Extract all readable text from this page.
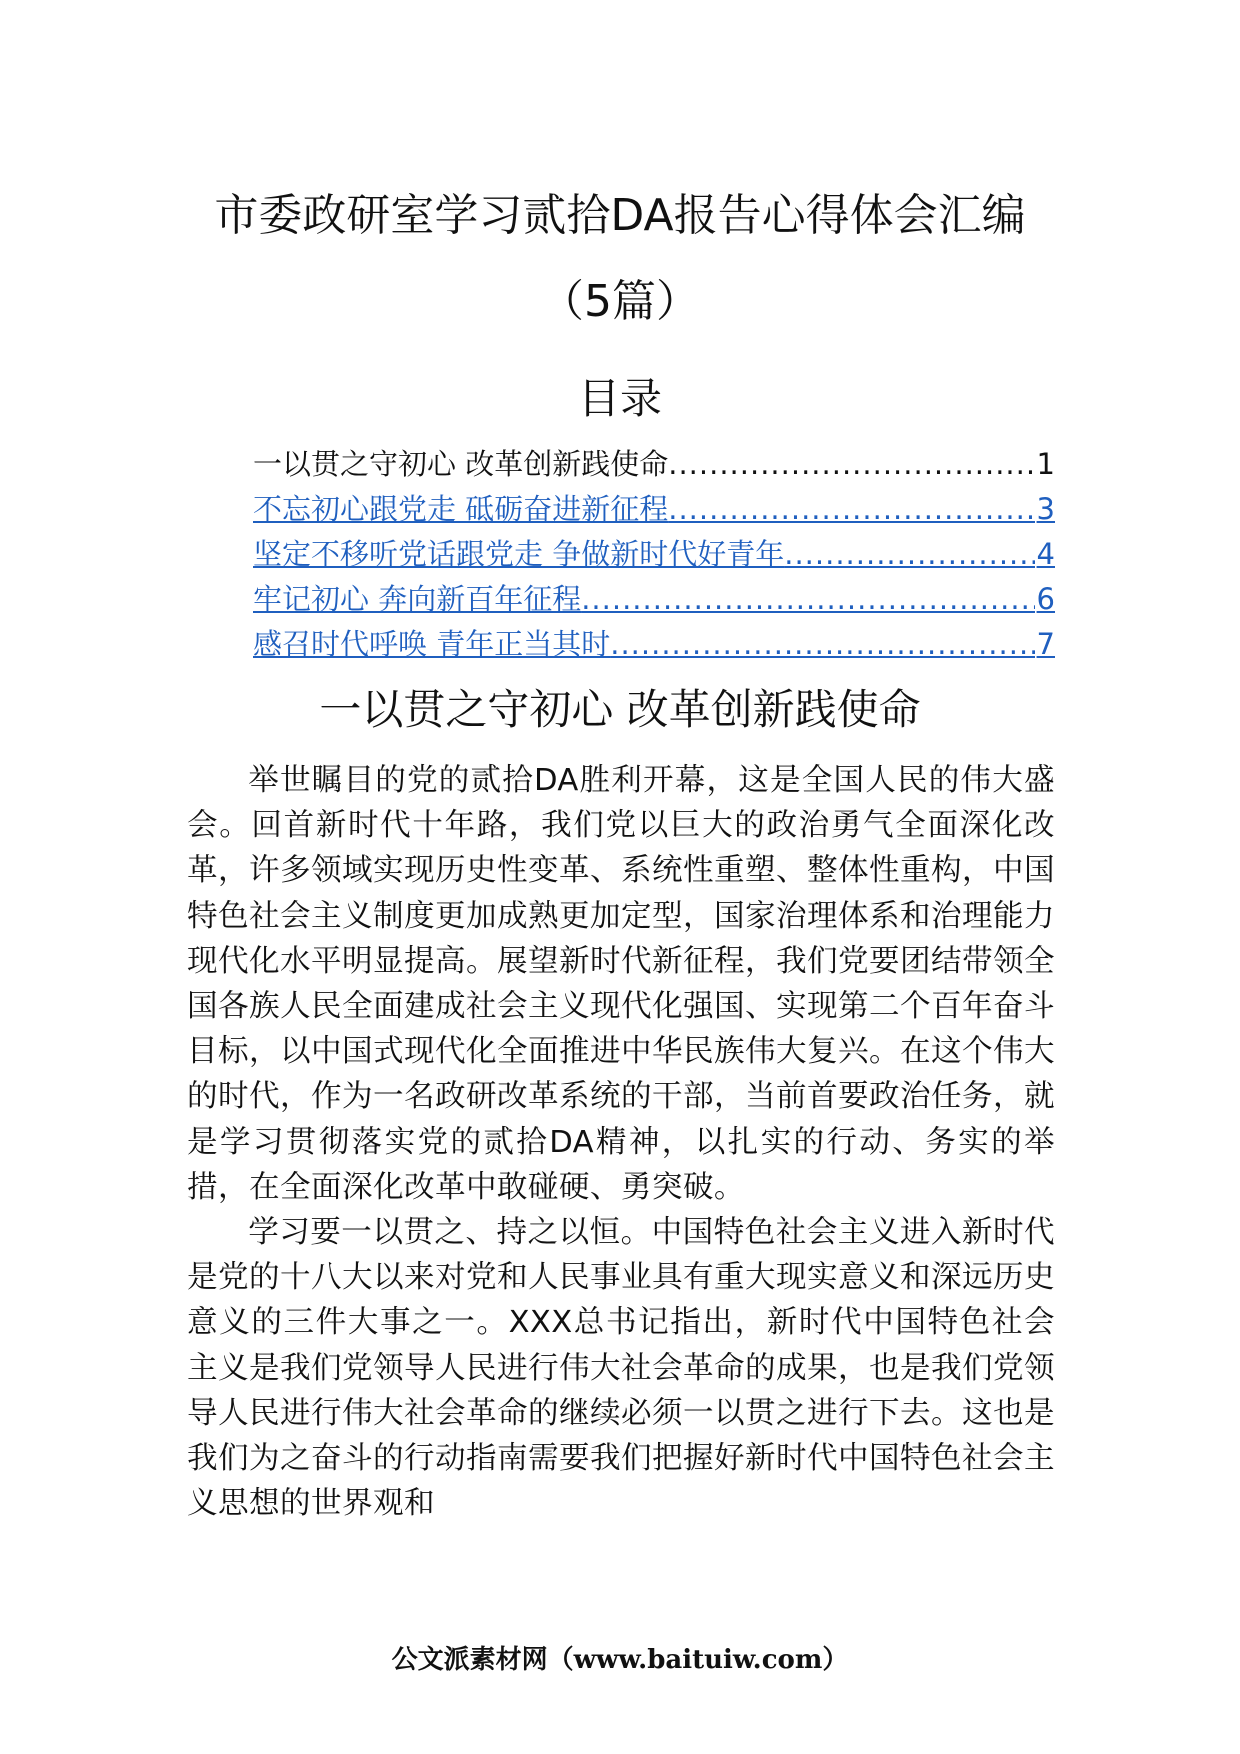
市委政研室学习贰拾DA报告心得体会汇编
（5篇）
目录
一以贯之守初心 改革创新践使命 .....	1
不忘初心跟党走 砥砺奋进新征程 .....	3
坚定不移听党话跟党走 争做新时代好青年 .....	4
牢记初心 奔向新百年征程 .....	6
感召时代呼唤 青年正当其时 .....	7
一以贯之守初心 改革创新践使命

举世瞩目的党的贰拾DA胜利开幕，这是全国人民的伟大盛会。回首新时代十年路，我们党以巨大的政治勇气全面深化改革，许多领域实现历史性变革、系统性重塑、整体性重构，中国特色社会主义制度更加成熟更加定型，国家治理体系和治理能力现代化水平明显提高。展望新时代新征程，我们党要团结带领全国各族人民全面建成社会主义现代化强国、实现第二个百年奋斗目标，以中国式现代化全面推进中华民族伟大复兴。在这个伟大的时代，作为一名政研改革系统的干部，当前首要政治任务，就是学习贯彻落实党的贰拾DA精神，以扎实的行动、务实的举措，在全面深化改革中敢碰硬、勇突破。

学习要一以贯之、持之以恒。中国特色社会主义进入新时代是党的十八大以来对党和人民事业具有重大现实意义和深远历史意义的三件大事之一。XXX总书记指出，新时代中国特色社会主义是我们党领导人民进行伟大社会革命的成果，也是我们党领导人民进行伟大社会革命的继续必须一以贯之进行下去。这也是我们为之奋斗的行动指南需要我们把握好新时代中国特色社会主义思想的世界观和

公文派素材网（www.baituiw.com）
